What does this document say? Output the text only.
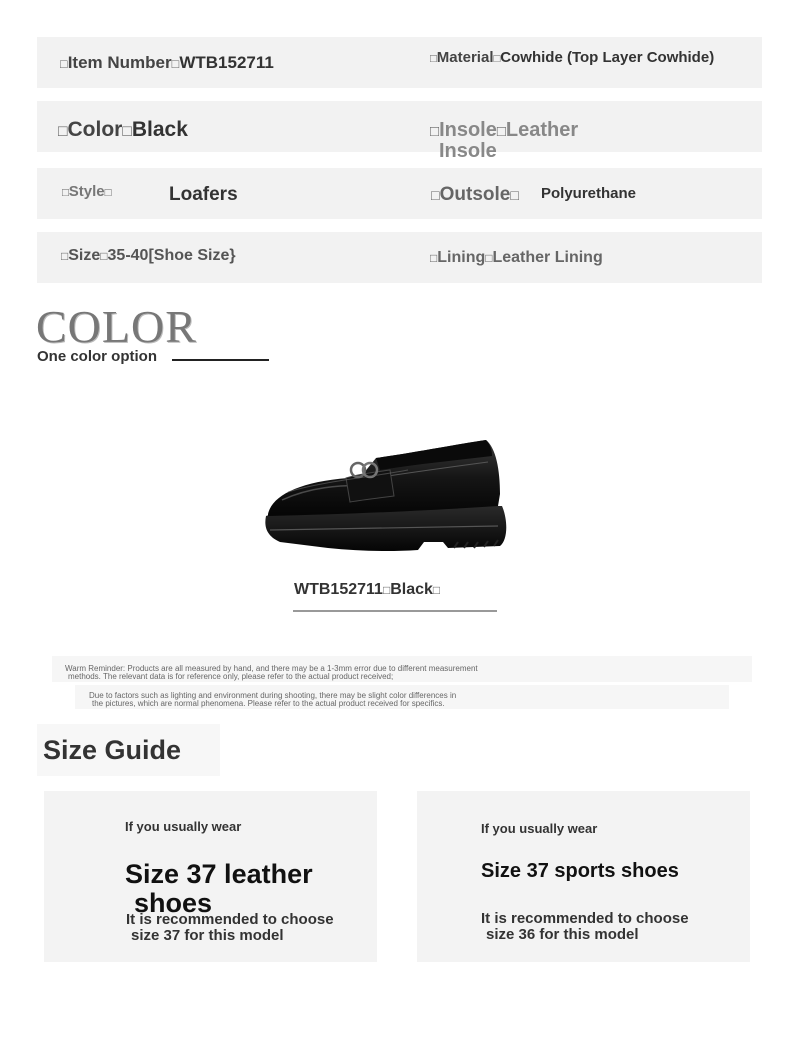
□Item Number□WTB152711	□Material□Cowhide (Top Layer Cowhide)
□Color□Black	□Insole□Leather
Insole
□Style□	Loafers	□Outsole□ Polyurethane
□Size□35-40[Shoe Size}	□Lining□Leather Lining
COLOR
One color option
WTB152711□Black□
Warm Reminder: Products are all measured by hand, and there may be a 1-3mm error due to different measurement
methods. The relevant data is for reference only, please refer to the actual product received;
Due to factors such as lighting and environment during shooting, there may be slight color differences in
the pictures, which are normal phenomena. Please refer to the actual product received for specifics.
Size Guide
If you usually wear
Size 37 leather
shoes
It is recommended to choose
size 37 for this model
If you usually wear
Size 37 sports shoes
It is recommended to choose
size 36 for this model
